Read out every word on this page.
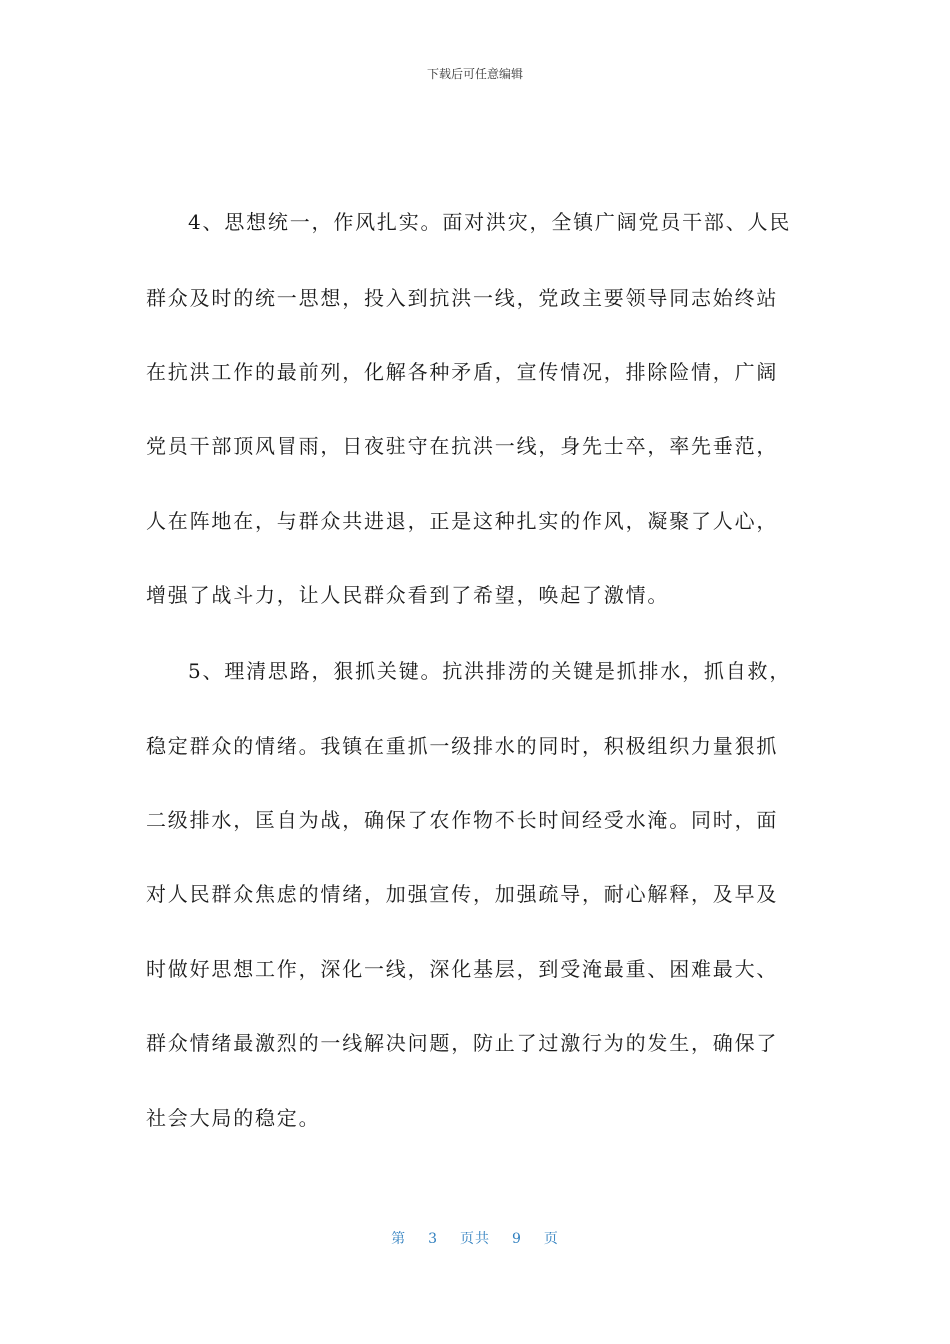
下载后可任意编辑
4、思想统一，作风扎实。面对洪灾，全镇广阔党员干部、人民
群众及时的统一思想，投入到抗洪一线，党政主要领导同志始终站
在抗洪工作的最前列，化解各种矛盾，宣传情况，排除险情，广阔
党员干部顶风冒雨，日夜驻守在抗洪一线，身先士卒，率先垂范，
人在阵地在，与群众共进退，正是这种扎实的作风，凝聚了人心，
增强了战斗力，让人民群众看到了希望，唤起了激情。
5、理清思路，狠抓关键。抗洪排涝的关键是抓排水，抓自救，
稳定群众的情绪。我镇在重抓一级排水的同时，积极组织力量狠抓
二级排水，匡自为战，确保了农作物不长时间经受水淹。同时，面
对人民群众焦虑的情绪，加强宣传，加强疏导，耐心解释，及早及
时做好思想工作，深化一线，深化基层，到受淹最重、困难最大、
群众情绪最激烈的一线解决问题，防止了过激行为的发生，确保了
社会大局的稳定。
第 3 页共 9 页
